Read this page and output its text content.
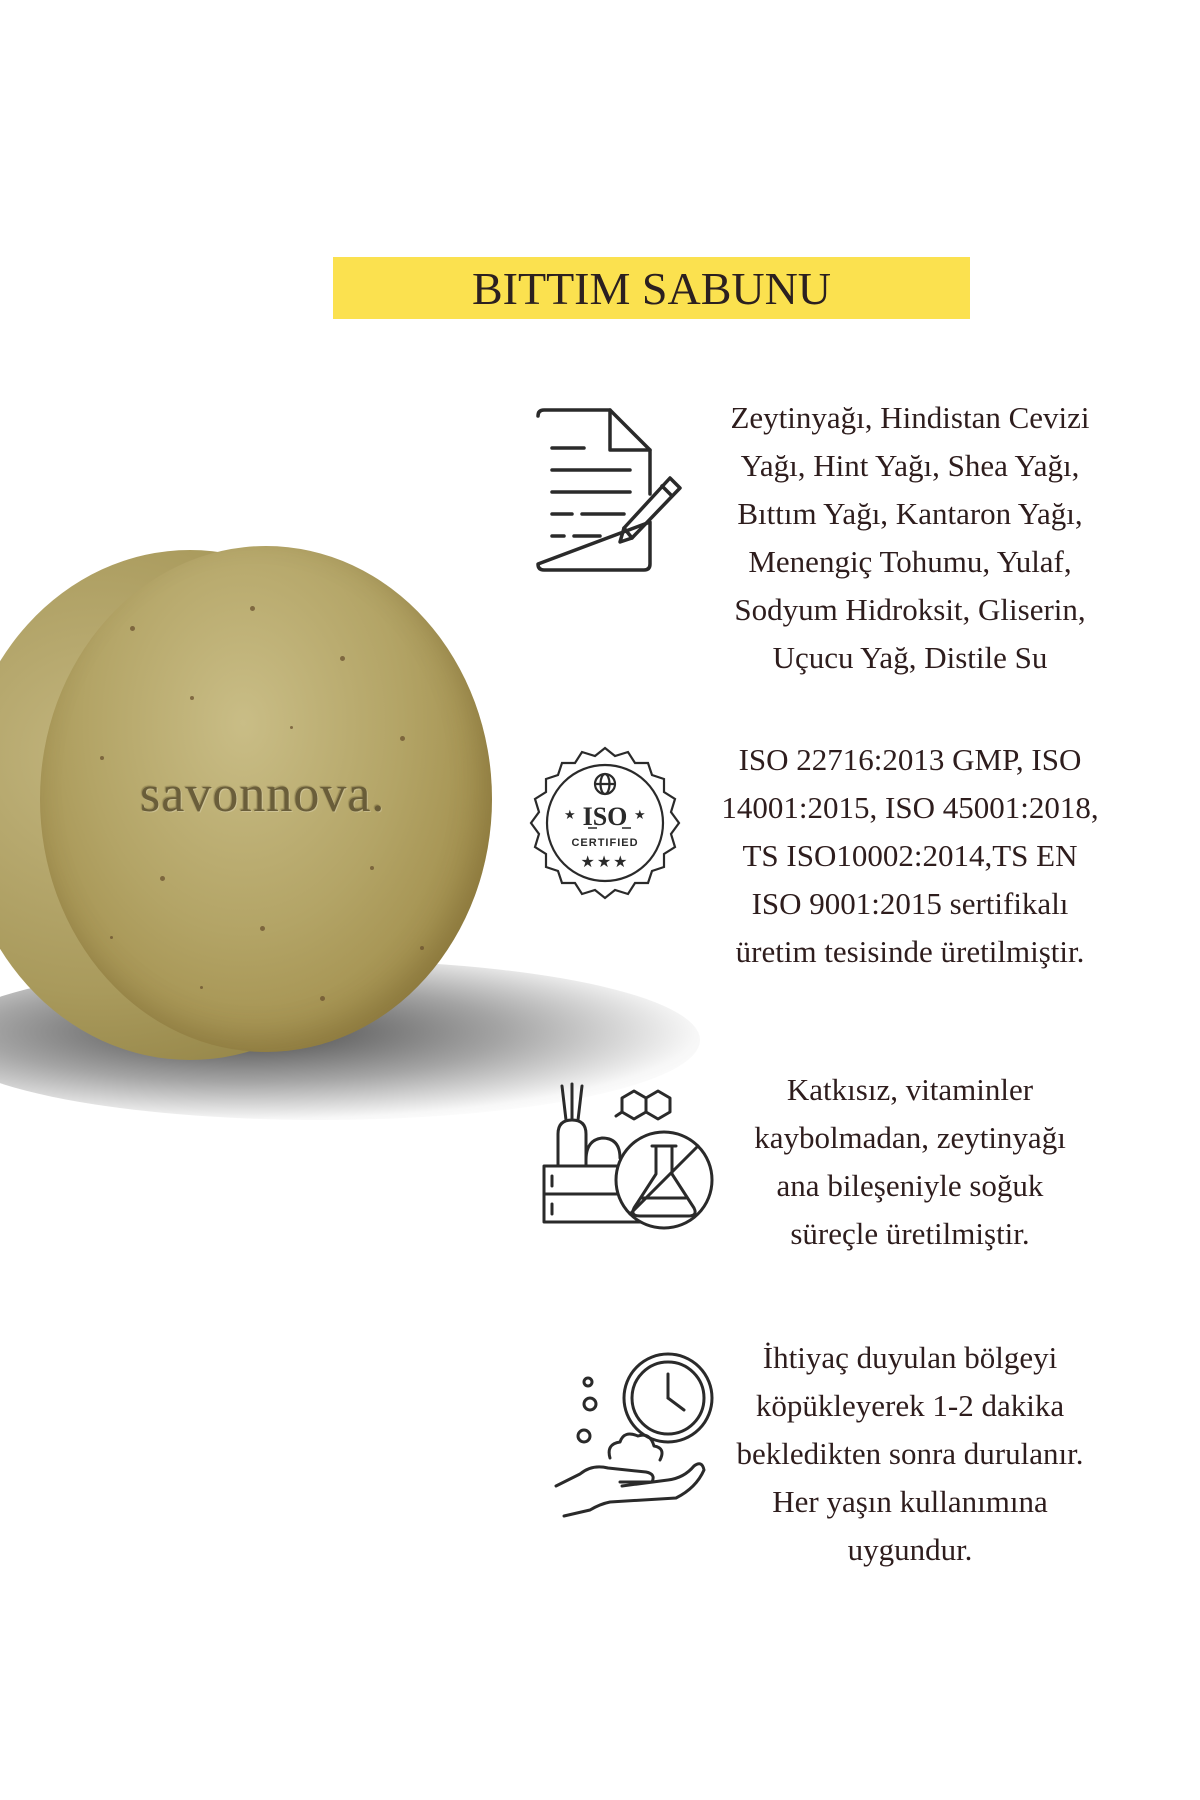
BITTIM SABUNU
savonnova.
Zeytinyağı, Hindistan Cevizi
Yağı, Hint Yağı, Shea Yağı,
Bıttım Yağı, Kantaron Yağı,
Menengiç Tohumu, Yulaf,
Sodyum Hidroksit, Gliserin,
Uçucu Yağ, Distile Su
ISO
★	★
CERTIFIED
★★★
ISO 22716:2013 GMP, ISO
14001:2015, ISO 45001:2018,
TS ISO10002:2014,TS EN
ISO 9001:2015 sertifikalı
üretim tesisinde üretilmiştir.
Katkısız, vitaminler
kaybolmadan, zeytinyağı
ana bileşeniyle soğuk
süreçle üretilmiştir.
İhtiyaç duyulan bölgeyi
köpükleyerek 1-2 dakika
bekledikten sonra durulanır.
Her yaşın kullanımına
uygundur.
